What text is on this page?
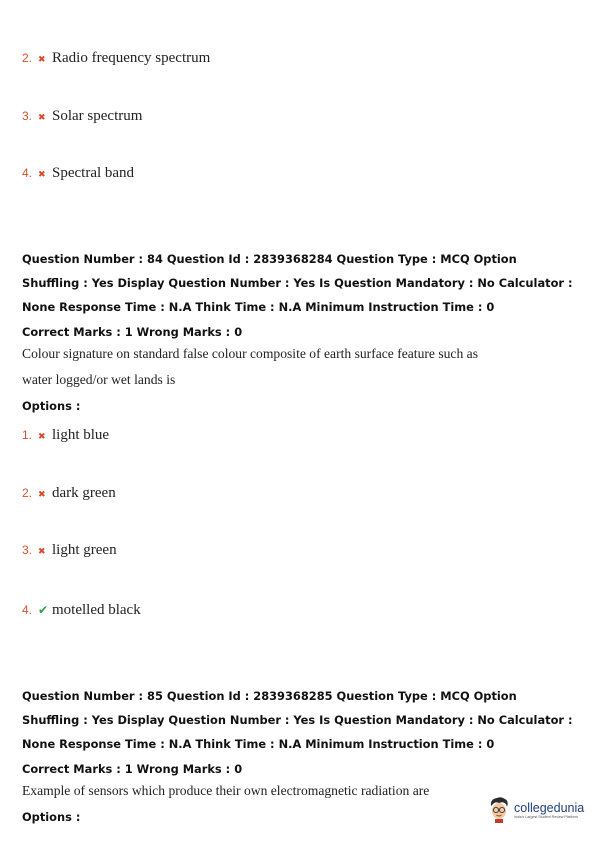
2. ✖ Radio frequency spectrum
3. ✖ Solar spectrum
4. ✖ Spectral band
Question Number : 84 Question Id : 2839368284 Question Type : MCQ Option Shuffling : Yes Display Question Number : Yes Is Question Mandatory : No Calculator : None Response Time : N.A Think Time : N.A Minimum Instruction Time : 0
Correct Marks : 1 Wrong Marks : 0
Colour signature on standard false colour composite of earth surface feature such as
water logged/or wet lands is
Options :
1. ✖ light blue
2. ✖ dark green
3. ✖ light green
4. ✔ motelled black
Question Number : 85 Question Id : 2839368285 Question Type : MCQ Option Shuffling : Yes Display Question Number : Yes Is Question Mandatory : No Calculator : None Response Time : N.A Think Time : N.A Minimum Instruction Time : 0
Correct Marks : 1 Wrong Marks : 0
Example of sensors which produce their own electromagnetic radiation are
Options :
collegedunia
India's Largest Student Review Platform
